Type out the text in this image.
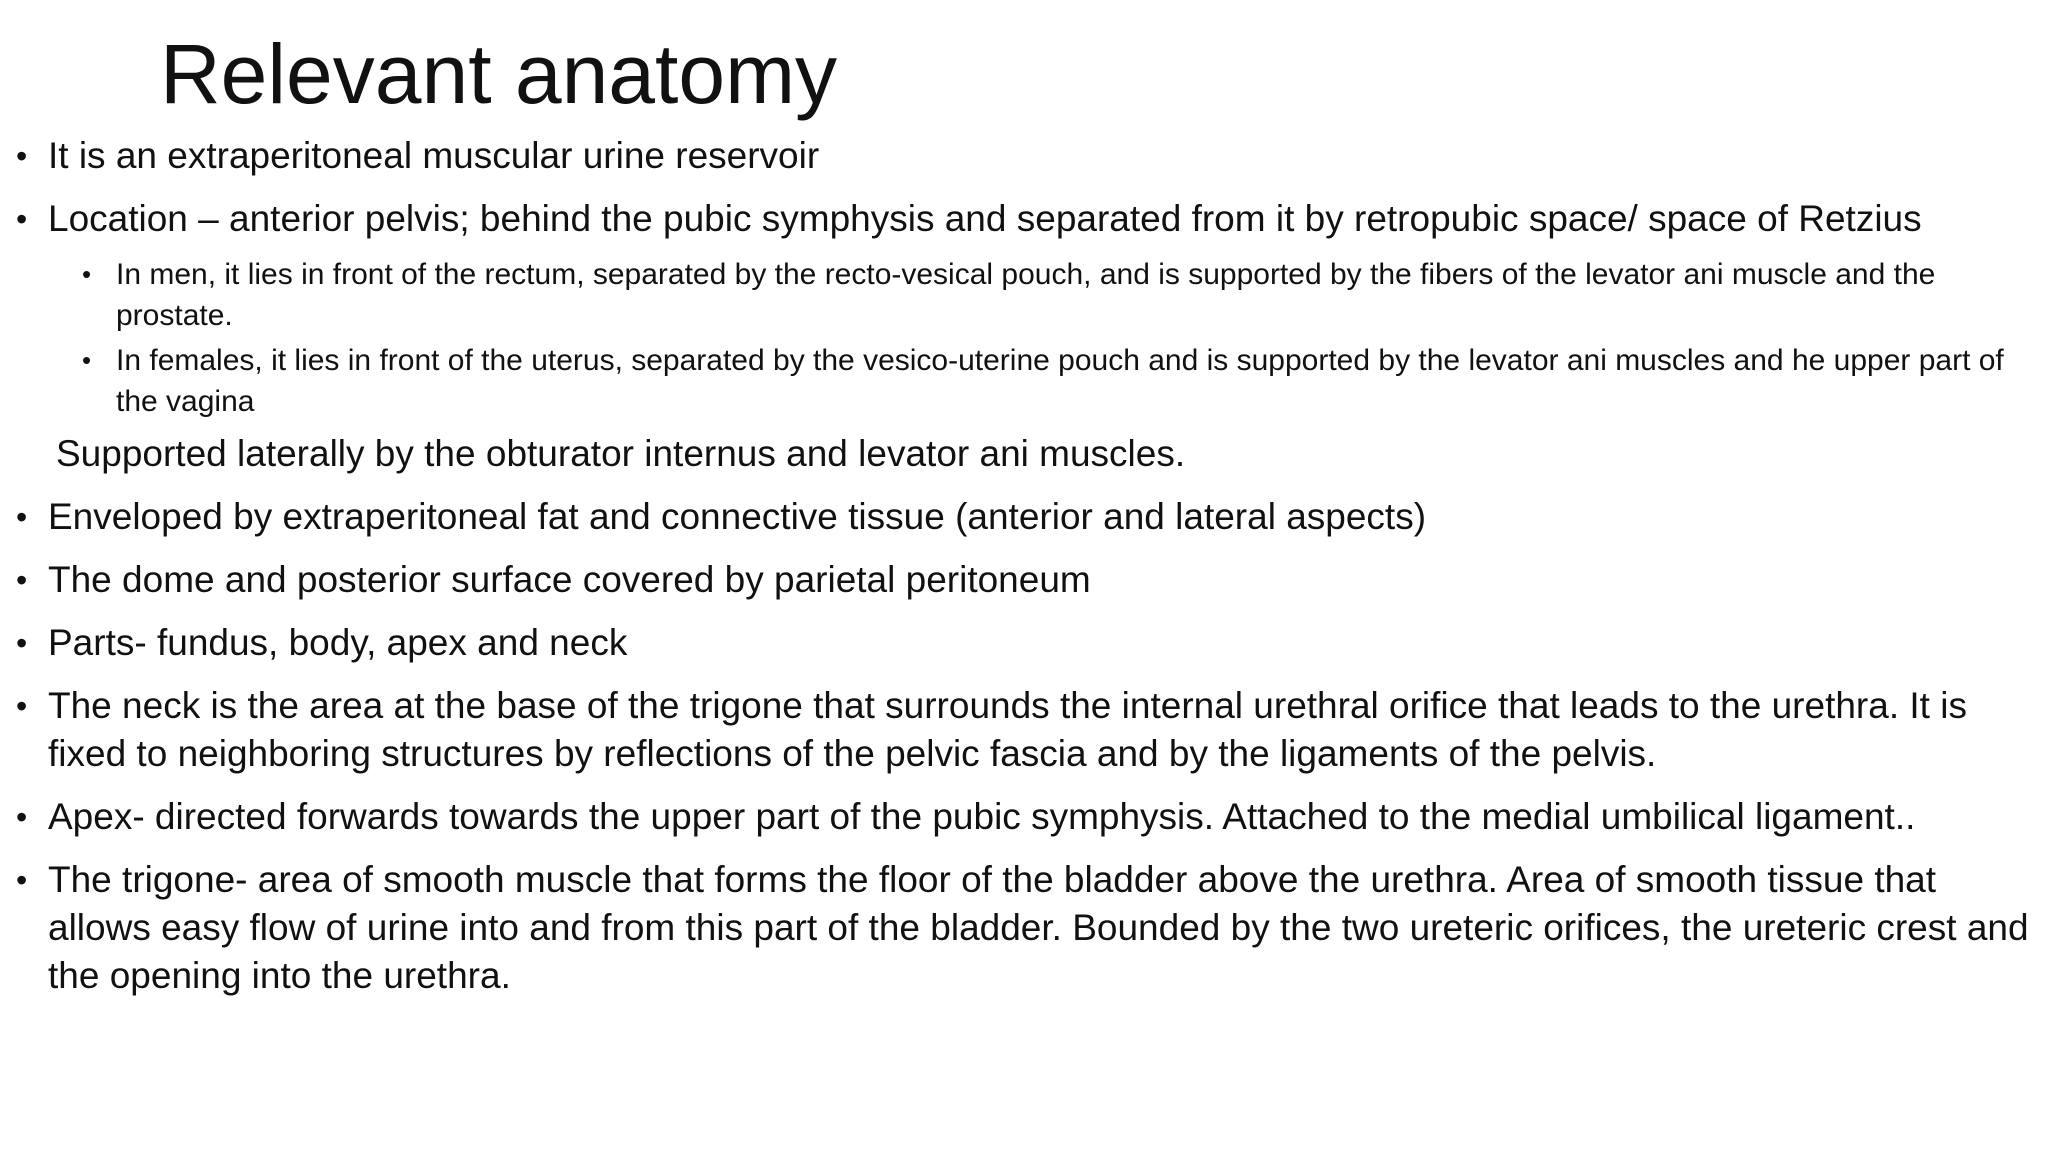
Relevant anatomy
• It is an extraperitoneal muscular urine reservoir
• Location – anterior pelvis; behind the pubic symphysis and separated from it by retropubic space/ space of Retzius
• In men, it lies in front of the rectum, separated by the recto-vesical pouch, and is supported by the fibers of the levator ani muscle and the prostate.
• In females, it lies in front of the uterus, separated by the vesico-uterine pouch and is supported by the levator ani muscles and he upper part of the vagina
Supported laterally by the obturator internus and levator ani muscles.
• Enveloped by extraperitoneal fat and connective tissue (anterior and lateral aspects)
• The dome and posterior surface covered by parietal peritoneum
• Parts- fundus, body, apex and neck
• The neck is the area at the base of the trigone that surrounds the internal urethral orifice that leads to the urethra. It is fixed to neighboring structures by reflections of the pelvic fascia and by the ligaments of the pelvis.
• Apex- directed forwards towards the upper part of the pubic symphysis. Attached to the medial umbilical ligament..
• The trigone- area of smooth muscle that forms the floor of the bladder above the urethra. Area of smooth tissue that allows easy flow of urine into and from this part of the bladder. Bounded by the two ureteric orifices, the ureteric crest and the opening into the urethra.
